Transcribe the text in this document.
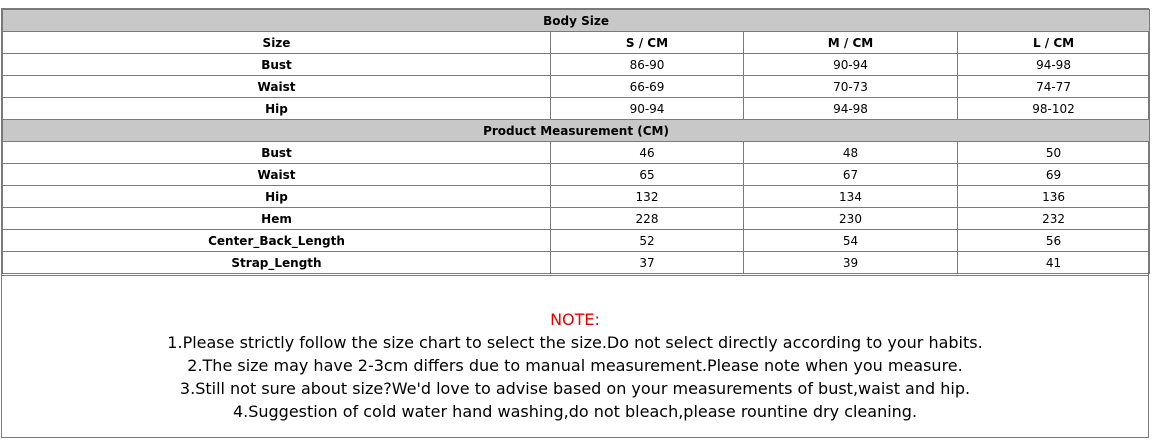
Body Size			
Size	S / CM	M / CM	L / CM
Bust	86-90	90-94	94-98
Waist	66-69	70-73	74-77
Hip	90-94	94-98	98-102
Product Measurement (CM)			
Bust	46	48	50
Waist	65	67	69
Hip	132	134	136
Hem	228	230	232
Center_Back_Length	52	54	56
Strap_Length	37	39	41
NOTE:
1.Please strictly follow the size chart to select the size.Do not select directly according to your habits.
2.The size may have 2-3cm differs due to manual measurement.Please note when you measure.
3.Still not sure about size?We'd love to advise based on your measurements of bust,waist and hip.
4.Suggestion of cold water hand washing,do not bleach,please rountine dry cleaning.
